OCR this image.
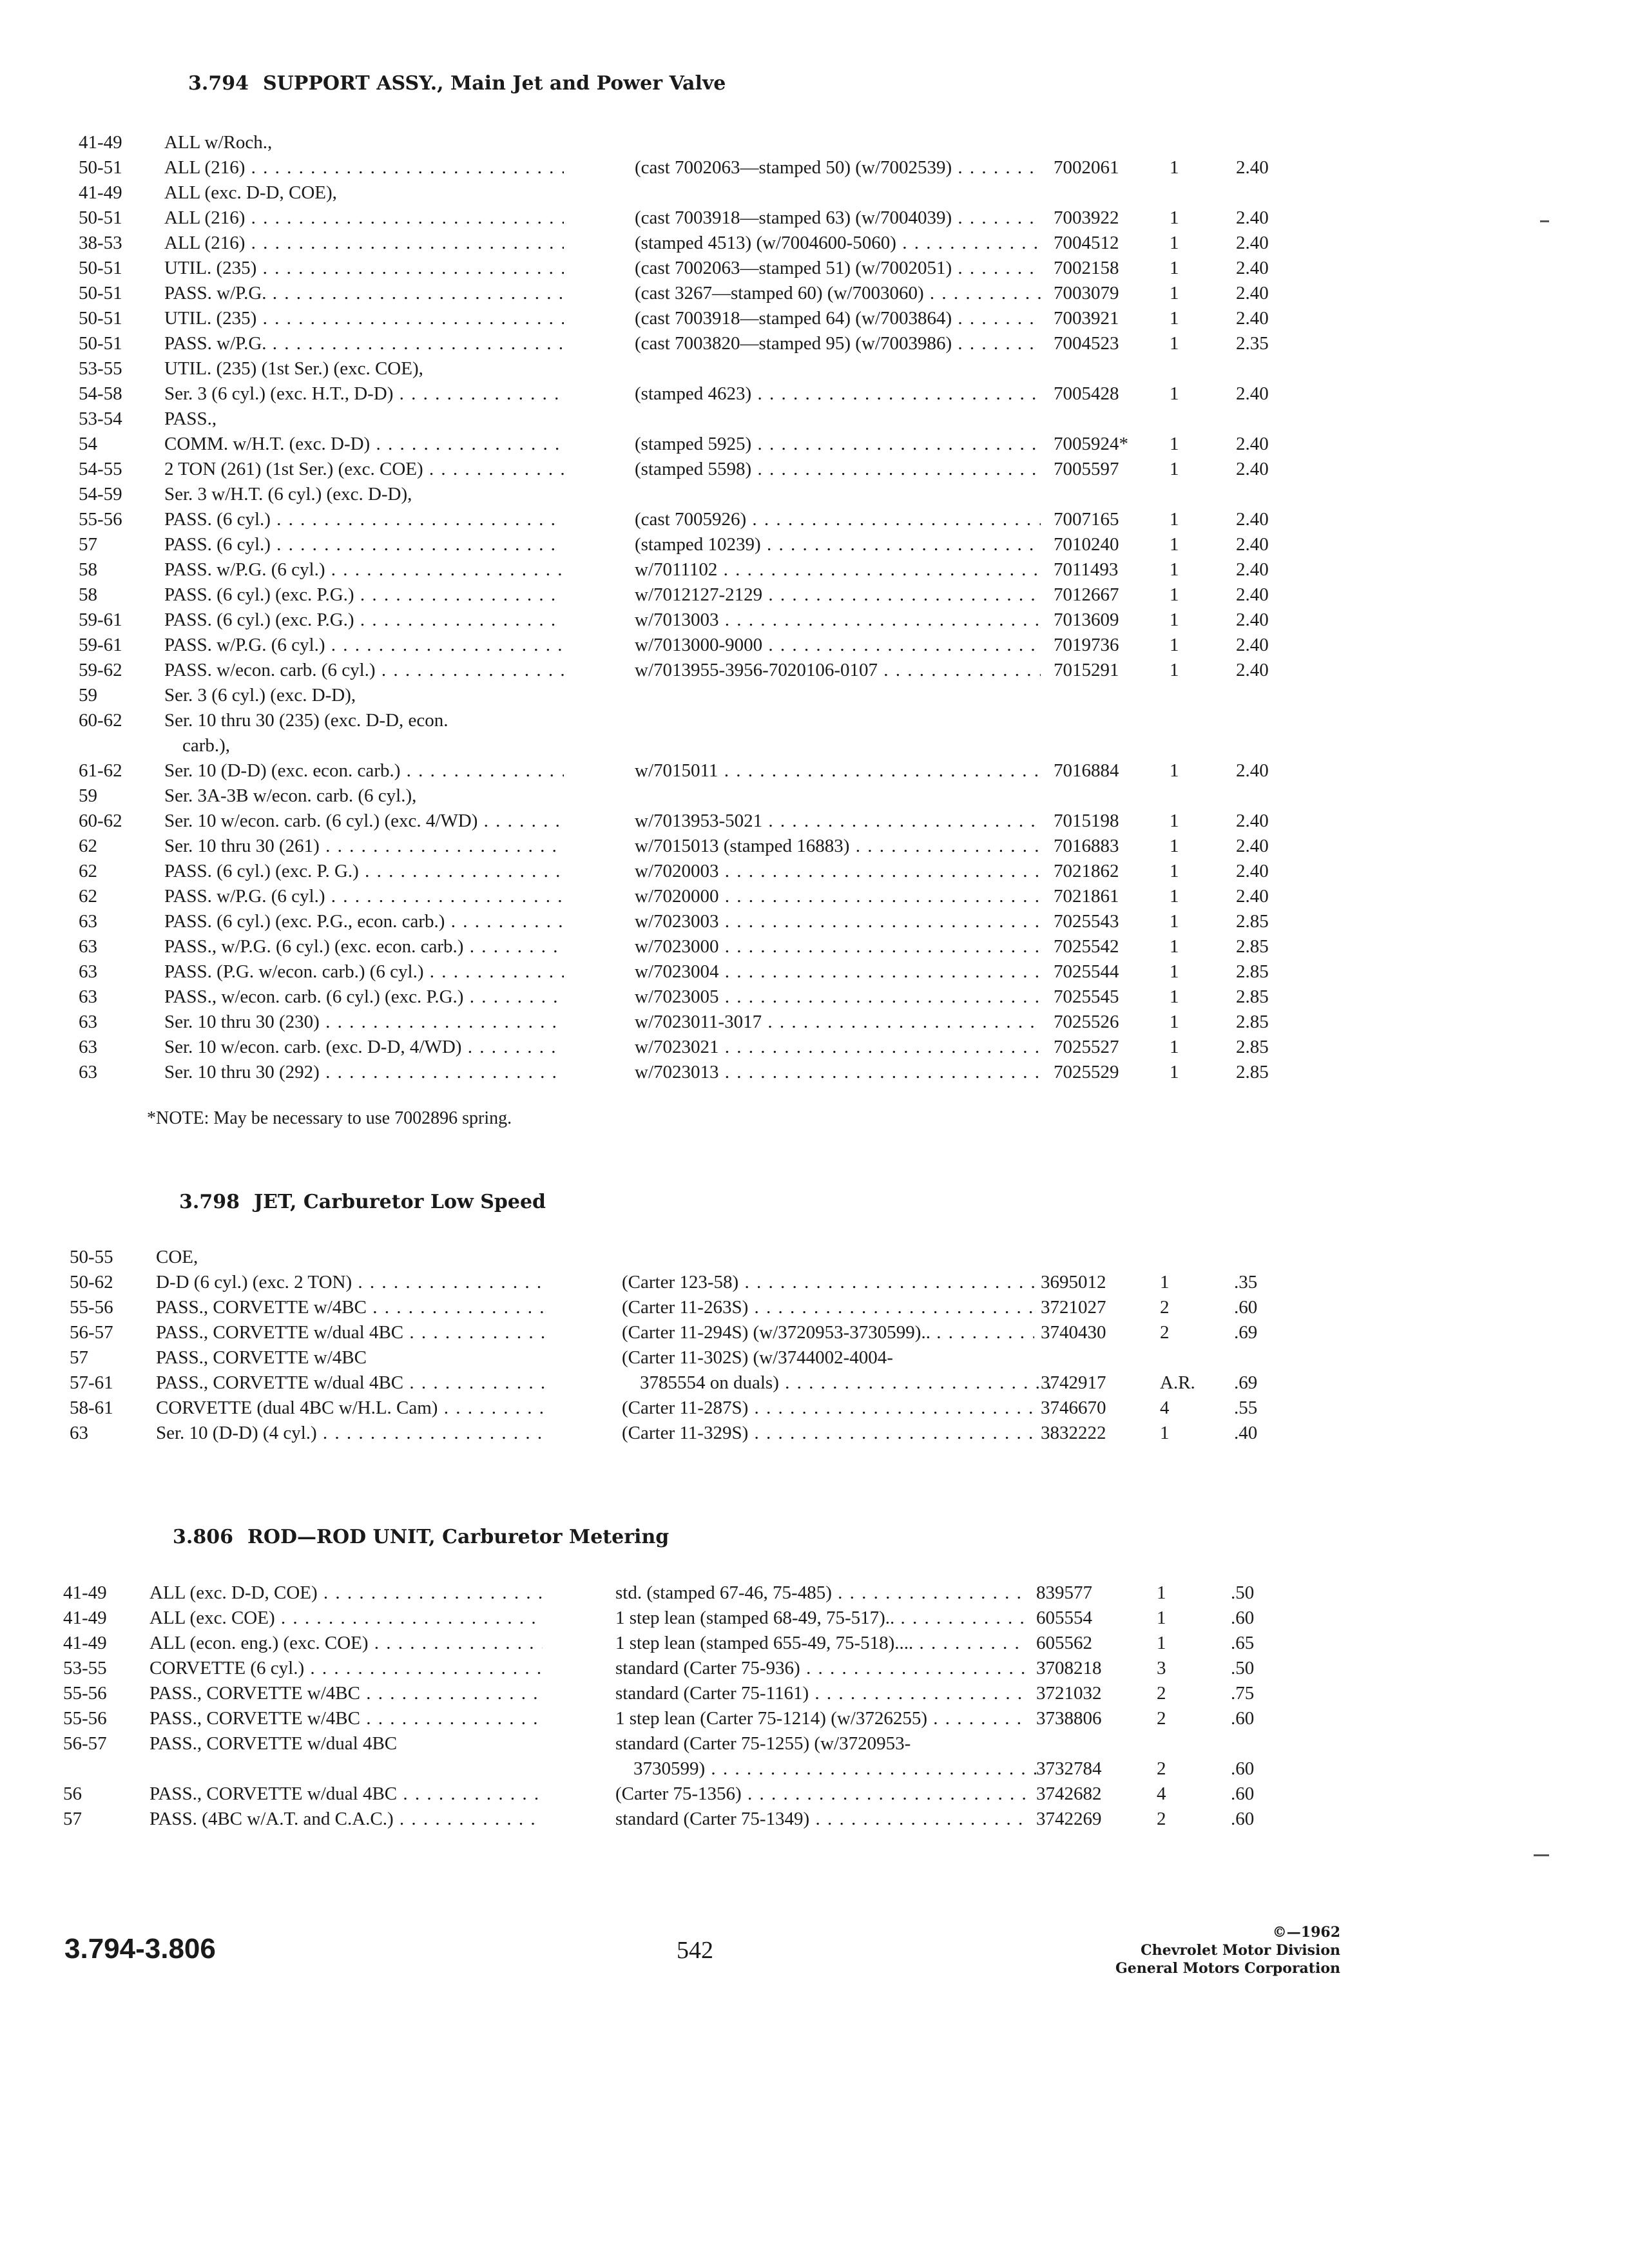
3.794 SUPPORT ASSY., Main Jet and Power Valve
41-49	ALL w/Roch.,
50-51	ALL (216) . . .	(cast 7002063—stamped 50) (w/7002539) . . .	7002061	1	2.40
41-49	ALL (exc. D-D, COE),
50-51	ALL (216) . . .	(cast 7003918—stamped 63) (w/7004039) . . .	7003922	1	2.40
38-53	ALL (216) . . .	(stamped 4513) (w/7004600-5060) . . .	7004512	1	2.40
50-51	UTIL. (235) . . .	(cast 7002063—stamped 51) (w/7002051) . . .	7002158	1	2.40
50-51	PASS. w/P.G. . . .	(cast 3267—stamped 60) (w/7003060) . . .	7003079	1	2.40
50-51	UTIL. (235) . . .	(cast 7003918—stamped 64) (w/7003864) . . .	7003921	1	2.40
50-51	PASS. w/P.G. . . .	(cast 7003820—stamped 95) (w/7003986) . . .	7004523	1	2.35
53-55	UTIL. (235) (1st Ser.) (exc. COE),
54-58	Ser. 3 (6 cyl.) (exc. H.T., D-D) . . .	(stamped 4623) . . .	7005428	1	2.40
53-54	PASS.,
54	COMM. w/H.T. (exc. D-D) . . .	(stamped 5925) . . .	7005924*	1	2.40
54-55	2 TON (261) (1st Ser.) (exc. COE) . . .	(stamped 5598) . . .	7005597	1	2.40
54-59	Ser. 3 w/H.T. (6 cyl.) (exc. D-D),
55-56	PASS. (6 cyl.) . . .	(cast 7005926) . . .	7007165	1	2.40
57	PASS. (6 cyl.) . . .	(stamped 10239) . . .	7010240	1	2.40
58	PASS. w/P.G. (6 cyl.) . . .	w/7011102 . . .	7011493	1	2.40
58	PASS. (6 cyl.) (exc. P.G.) . . .	w/7012127-2129 . . .	7012667	1	2.40
59-61	PASS. (6 cyl.) (exc. P.G.) . . .	w/7013003 . . .	7013609	1	2.40
59-61	PASS. w/P.G. (6 cyl.) . . .	w/7013000-9000 . . .	7019736	1	2.40
59-62	PASS. w/econ. carb. (6 cyl.) . . .	w/7013955-3956-7020106-0107 . . .	7015291	1	2.40
59	Ser. 3 (6 cyl.) (exc. D-D),
60-62	Ser. 10 thru 30 (235) (exc. D-D, econ.
carb.),
61-62	Ser. 10 (D-D) (exc. econ. carb.) . . .	w/7015011 . . .	7016884	1	2.40
59	Ser. 3A-3B w/econ. carb. (6 cyl.),
60-62	Ser. 10 w/econ. carb. (6 cyl.) (exc. 4/WD) . . .	w/7013953-5021 . . .	7015198	1	2.40
62	Ser. 10 thru 30 (261) . . .	w/7015013 (stamped 16883) . . .	7016883	1	2.40
62	PASS. (6 cyl.) (exc. P. G.) . . .	w/7020003 . . .	7021862	1	2.40
62	PASS. w/P.G. (6 cyl.) . . .	w/7020000 . . .	7021861	1	2.40
63	PASS. (6 cyl.) (exc. P.G., econ. carb.) . . .	w/7023003 . . .	7025543	1	2.85
63	PASS., w/P.G. (6 cyl.) (exc. econ. carb.) . . .	w/7023000 . . .	7025542	1	2.85
63	PASS. (P.G. w/econ. carb.) (6 cyl.) . . .	w/7023004 . . .	7025544	1	2.85
63	PASS., w/econ. carb. (6 cyl.) (exc. P.G.) . . .	w/7023005 . . .	7025545	1	2.85
63	Ser. 10 thru 30 (230) . . .	w/7023011-3017 . . .	7025526	1	2.85
63	Ser. 10 w/econ. carb. (exc. D-D, 4/WD) . . .	w/7023021 . . .	7025527	1	2.85
63	Ser. 10 thru 30 (292) . . .	w/7023013 . . .	7025529	1	2.85
*NOTE: May be necessary to use 7002896 spring.
3.798 JET, Carburetor Low Speed
50-55	COE,
50-62	D-D (6 cyl.) (exc. 2 TON) . . .	(Carter 123-58) . . .	3695012	1	.35
55-56	PASS., CORVETTE w/4BC . . .	(Carter 11-263S) . . .	3721027	2	.60
56-57	PASS., CORVETTE w/dual 4BC . . .	(Carter 11-294S) (w/3720953-3730599).. . . .	3740430	2	.69
57	PASS., CORVETTE w/4BC	(Carter 11-302S) (w/3744002-4004-
57-61	PASS., CORVETTE w/dual 4BC . . .	3785554 on duals) . . .	3742917	A.R.	.69
58-61	CORVETTE (dual 4BC w/H.L. Cam) . . .	(Carter 11-287S) . . .	3746670	4	.55
63	Ser. 10 (D-D) (4 cyl.) . . .	(Carter 11-329S) . . .	3832222	1	.40
3.806 ROD—ROD UNIT, Carburetor Metering
41-49	ALL (exc. D-D, COE) . . .	std. (stamped 67-46, 75-485) . . .	839577	1	.50
41-49	ALL (exc. COE) . . .	1 step lean (stamped 68-49, 75-517).. . . .	605554	1	.60
41-49	ALL (econ. eng.) (exc. COE) . . .	1 step lean (stamped 655-49, 75-518).... . . .	605562	1	.65
53-55	CORVETTE (6 cyl.) . . .	standard (Carter 75-936) . . .	3708218	3	.50
55-56	PASS., CORVETTE w/4BC . . .	standard (Carter 75-1161) . . .	3721032	2	.75
55-56	PASS., CORVETTE w/4BC . . .	1 step lean (Carter 75-1214) (w/3726255) . . .	3738806	2	.60
56-57	PASS., CORVETTE w/dual 4BC	standard (Carter 75-1255) (w/3720953-
3730599) . . .	3732784	2	.60
56	PASS., CORVETTE w/dual 4BC . . .	(Carter 75-1356) . . .	3742682	4	.60
57	PASS. (4BC w/A.T. and C.A.C.) . . .	standard (Carter 75-1349) . . .	3742269	2	.60
3.794-3.806	542
©—1962
Chevrolet Motor Division
General Motors Corporation
